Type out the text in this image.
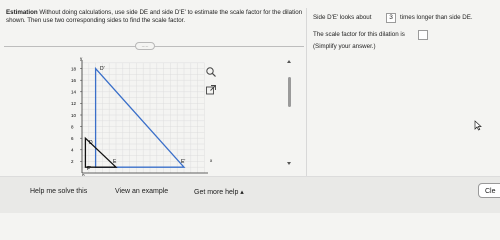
Estimation Without doing calculations, use side DE and side D'E' to estimate the scale factor for the dilation shown. Then use two corresponding sides to find the scale factor.
.....
18
16
14
12
10
8
6
4
2
D'
E'
F'
D
E	x
y
Side D'E' looks about	3	times longer than side DE.
The scale factor for this dilation is
(Simplify your answer.)
Help me solve this	View an example	Get more help ▴	Cle
